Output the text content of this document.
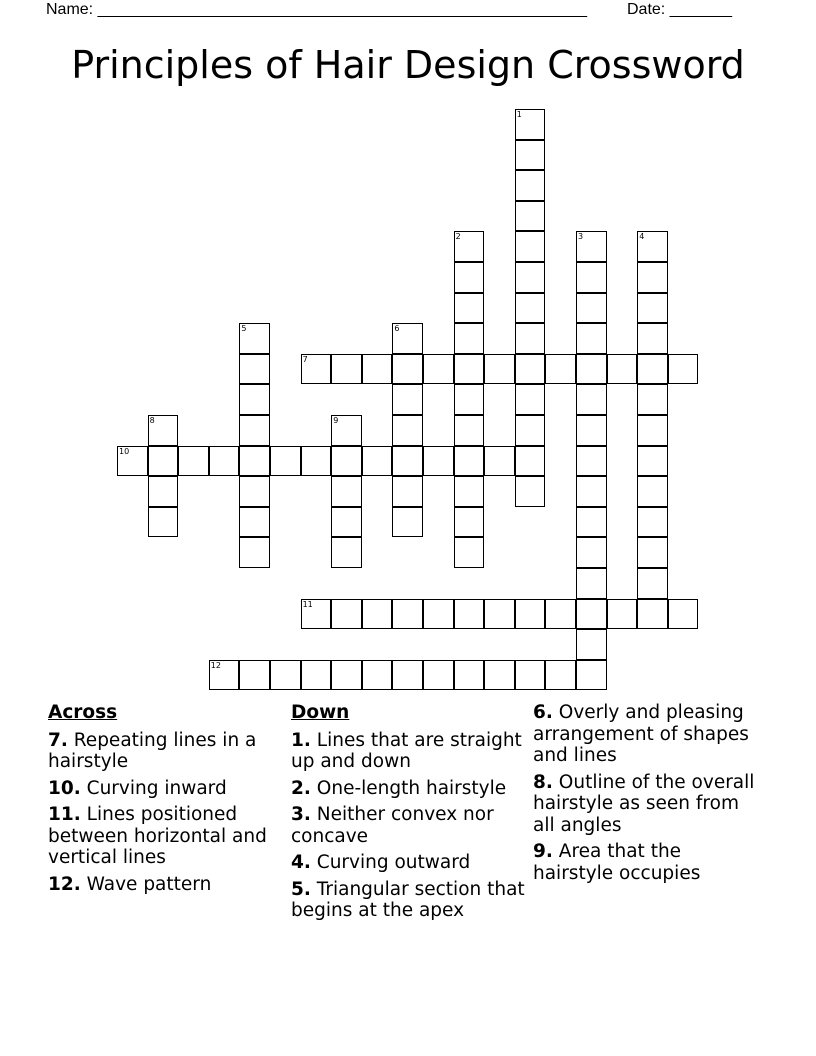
Name: _______________________________________________________	Date: _______
Principles of Hair Design Crossword
1
2	3	4
5	6
7
8	9
10
11
12
Across
7. Repeating lines in a hairstyle
10. Curving inward
11. Lines positioned between horizontal and vertical lines
12. Wave pattern
Down
1. Lines that are straight up and down
2. One-length hairstyle
3. Neither convex nor concave
4. Curving outward
5. Triangular section that begins at the apex
6. Overly and pleasing arrangement of shapes and lines
8. Outline of the overall hairstyle as seen from all angles
9. Area that the hairstyle occupies
